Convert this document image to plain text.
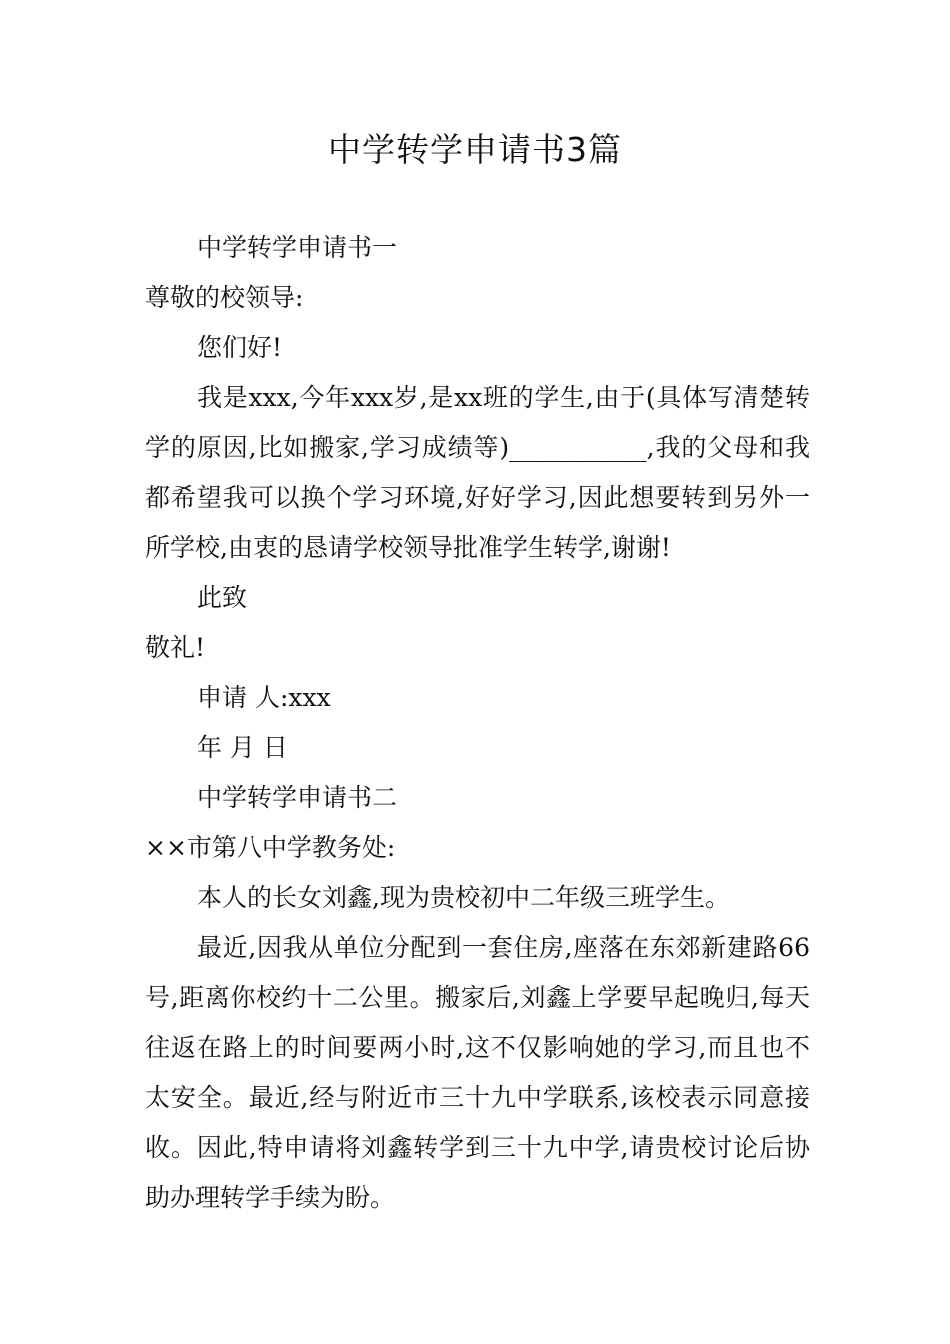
中学转学申请书3篇

中学转学申请书一

尊敬的校领导:

您们好!

我是xxx,今年xxx岁,是xx班的学生,由于(具体写清楚转学的原因,比如搬家,学习成绩等)___________,我的父母和我都希望我可以换个学习环境,好好学习,因此想要转到另外一所学校,由衷的恳请学校领导批准学生转学,谢谢!

此致

敬礼!

申请 人:xxx

年 月 日

中学转学申请书二

××市第八中学教务处:

本人的长女刘鑫,现为贵校初中二年级三班学生。

最近,因我从单位分配到一套住房,座落在东郊新建路66号,距离你校约十二公里。搬家后,刘鑫上学要早起晚归,每天往返在路上的时间要两小时,这不仅影响她的学习,而且也不太安全。最近,经与附近市三十九中学联系,该校表示同意接收。因此,特申请将刘鑫转学到三十九中学,请贵校讨论后协助办理转学手续为盼。
